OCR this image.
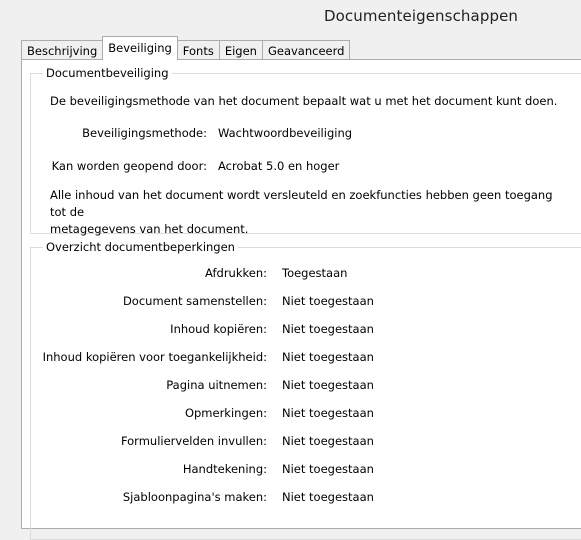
Documenteigenschappen
Beschrijving Beveiliging Fonts Eigen Geavanceerd
Documentbeveiliging
De beveiligingsmethode van het document bepaalt wat u met het document kunt doen.
Beveiligingsmethode: Wachtwoordbeveiliging
Kan worden geopend door: Acrobat 5.0 en hoger
Alle inhoud van het document wordt versleuteld en zoekfuncties hebben geen toegang tot de
metagegevens van het document.
Overzicht documentbeperkingen
Afdrukken: Toegestaan
Document samenstellen: Niet toegestaan
Inhoud kopiëren: Niet toegestaan
Inhoud kopiëren voor toegankelijkheid: Niet toegestaan
Pagina uitnemen: Niet toegestaan
Opmerkingen: Niet toegestaan
Formuliervelden invullen: Niet toegestaan
Handtekening: Niet toegestaan
Sjabloonpagina's maken: Niet toegestaan
